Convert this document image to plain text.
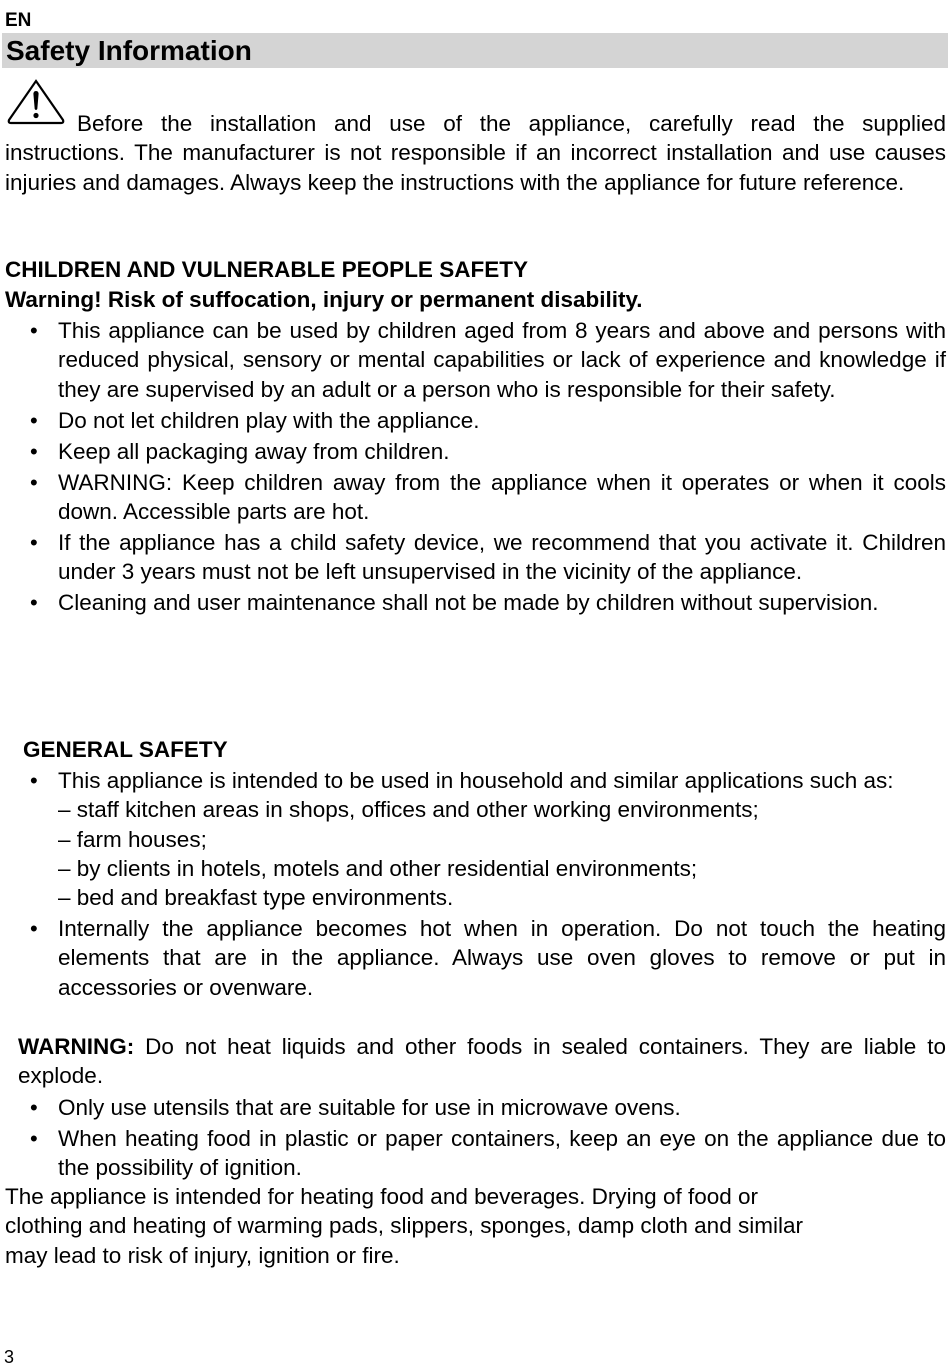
EN
Safety Information
Before the installation and use of the appliance, carefully read the supplied instructions. The manufacturer is not responsible if an incorrect installation and use causes injuries and damages. Always keep the instructions with the appliance for future reference.
CHILDREN AND VULNERABLE PEOPLE SAFETY
Warning! Risk of suffocation, injury or permanent disability.
• This appliance can be used by children aged from 8 years and above and persons with reduced physical, sensory or mental capabilities or lack of experience and knowledge if they are supervised by an adult or a person who is responsible for their safety.
• Do not let children play with the appliance.
• Keep all packaging away from children.
• WARNING: Keep children away from the appliance when it operates or when it cools down. Accessible parts are hot.
• If the appliance has a child safety device, we recommend that you activate it. Children under 3 years must not be left unsupervised in the vicinity of the appliance.
• Cleaning and user maintenance shall not be made by children without supervision.
GENERAL SAFETY
• This appliance is intended to be used in household and similar applications such as:
– staff kitchen areas in shops, offices and other working environments;
– farm houses;
– by clients in hotels, motels and other residential environments;
– bed and breakfast type environments.
• Internally the appliance becomes hot when in operation. Do not touch the heating elements that are in the appliance. Always use oven gloves to remove or put in accessories or ovenware.
WARNING: Do not heat liquids and other foods in sealed containers. They are liable to explode.
• Only use utensils that are suitable for use in microwave ovens.
• When heating food in plastic or paper containers, keep an eye on the appliance due to the possibility of ignition.
The appliance is intended for heating food and beverages. Drying of food or
clothing and heating of warming pads, slippers, sponges, damp cloth and similar
may lead to risk of injury, ignition or fire.
3
